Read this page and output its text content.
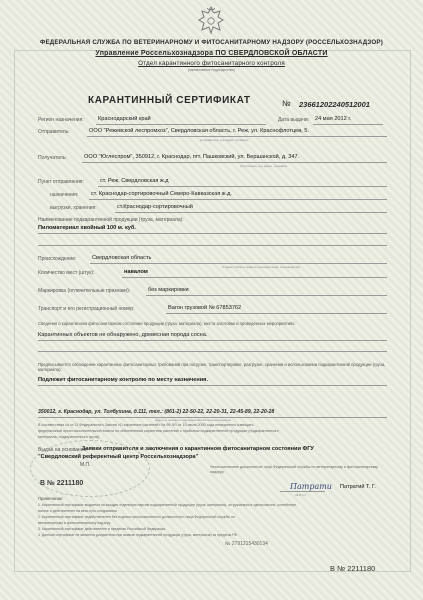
ФЕДЕРАЛЬНАЯ СЛУЖБА ПО ВЕТЕРИНАРНОМУ И ФИТОСАНИТАРНОМУ НАДЗОРУ (РОССЕЛЬХОЗНАДЗОР)
Управление Россельхознадзора ПО СВЕРДЛОВСКОЙ ОБЛАСТИ
Отдел карантинного фитосанитарного контроля
(наименование подразделения)
КАРАНТИННЫЙ СЕРТИФИКАТ	№ 23661202240512001
Регион назначения:	Краснодарский край	Дата выдачи: 24 мая 2012 г.
Отправитель:	ООО "Режевской леспромхоз", Свердловская область, г. Реж, ул. Краснофлотцев, 5.
(отправитель, его адрес, телефон)
Получатель:	ООО "Юглеспром", 350912, г. Краснодар, пгт. Пашковский, ул. Бершанской, д. 347.
(получатель, его адрес, телефон)
Пункт отправления:	ст. Реж, Свердловская ж.д
назначения: ст. Краснодар-сортировочный Северо-Кавказская ж.д.
выгрузки, хранения:	ст.Краснодар-сортировочный
Наименование подкарантинной продукции (груза, материала):
Пиломатериал хвойный 100 м. куб.
Происхождение:	Свердловская область
(страна, область (район) произрастания, производства)
Количество мест (штук):	навалом
Маркировка (отличительные признаки):	без маркировки
Транспорт и его регистрационный номер:	Вагон грузовой № 67853762
Сведения о карантинном фитосанитарном состоянии продукции (груза, материала), места заготовки и проведенных мероприятиях:
Карантинных объектов не обнаружено, древесная порода сосна.
Предписывается соблюдение карантинных фитосанитарных требований при погрузке, транспортировке, разгрузке, хранении и использовании подкарантинной продукции (груза, материала):
Подлежит фитосанитарному контролю по месту назначения.
350012, г. Краснодар, ул. Толбухина, д.111, тел.: (861-2) 22-50-22, 22-20-31, 22-45-89, 22-20-28
(адрес и телефон подразделения Россельхознадзора)
В соответствии со ст.11 Федерального Закона «О карантине растений» № 99-ФЗ от 15 июля 2000 года немедленно извещать
федеральный орган исполнительной власти по обеспечению карантина растений о прибытии подкарантинной продукции (подкарантинного
материала, подкарантинного груза).
Выдан на основании:
Заявки отправителя и заключения о карантинном фитосанитарном состоянии ФГУ
"Свердловский референтный центр Россельхознадзора"
М.П.	Уполномоченное должностное лицо Федеральной службы по ветеринарному и фитосанитарному надзору
Патрати Патратий Т. Г.
(Ф.И.О.)
В № 2211180
Примечание:
1. Карантинный сертификат выдается на каждую отдельную партию подкарантинной продукции (груза, материала), отгружаемую в одном вагоне, контейнере,
вагоне и действителен на весь путь следования.
2. Карантинный сертификат недействителен без подписи уполномоченного должностного лица Федеральной службы по
ветеринарному и фитосанитарному надзору.
3. Карантинный сертификат действителен в пределах Российской Федерации.
4. Данный сертификат не является документом при вывозе подкарантинной продукции (груза, материала) за пределы РФ.
№ 2791215430134
В № 2211180
